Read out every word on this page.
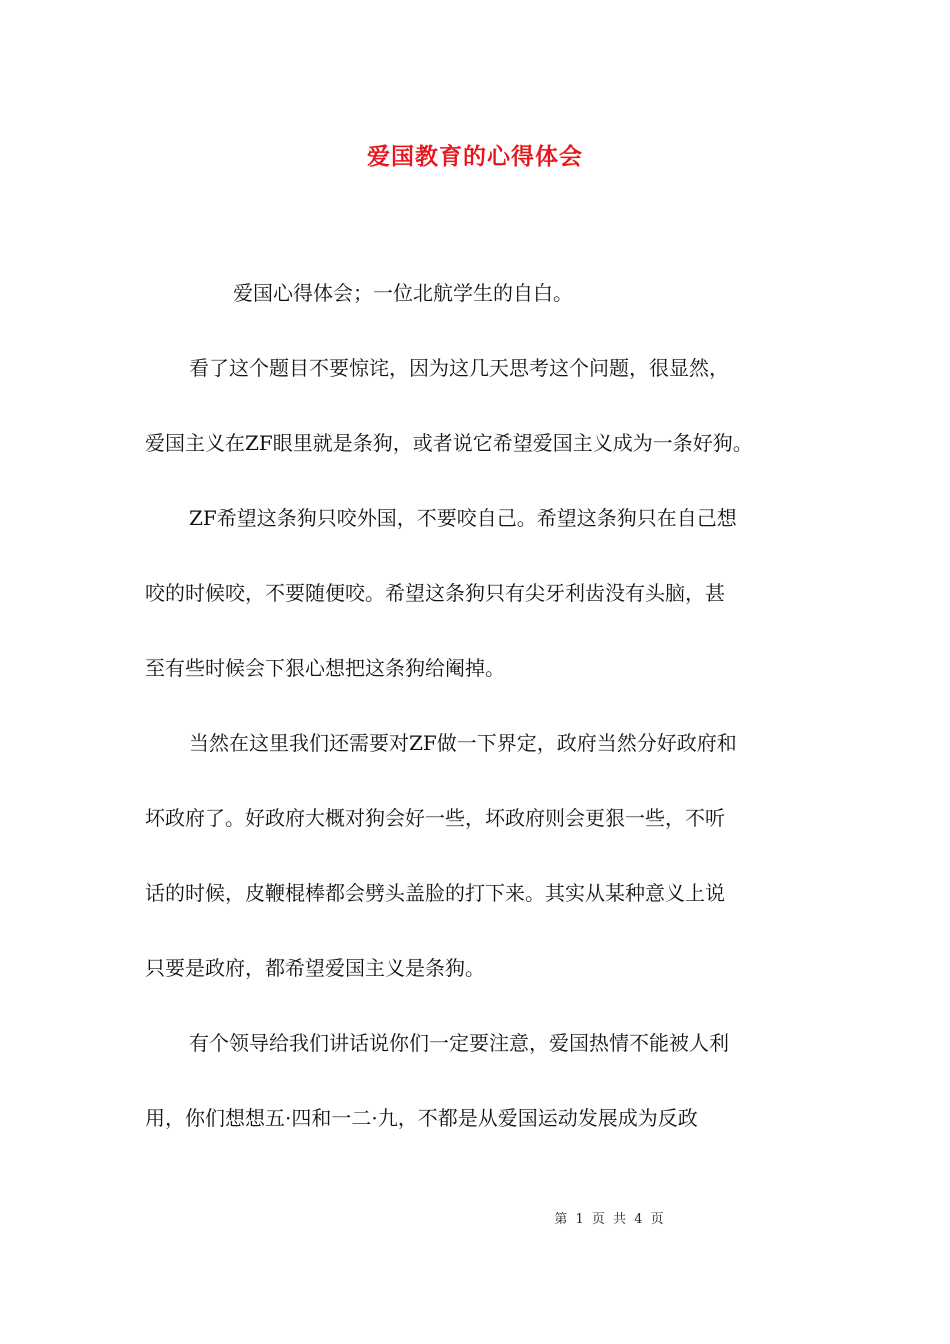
爱国教育的心得体会
爱国心得体会；一位北航学生的自白。
看了这个题目不要惊诧，因为这几天思考这个问题，很显然，
爱国主义在ZF眼里就是条狗，或者说它希望爱国主义成为一条好狗。
ZF希望这条狗只咬外国，不要咬自己。希望这条狗只在自己想
咬的时候咬，不要随便咬。希望这条狗只有尖牙利齿没有头脑，甚
至有些时候会下狠心想把这条狗给阉掉。
当然在这里我们还需要对ZF做一下界定，政府当然分好政府和
坏政府了。好政府大概对狗会好一些，坏政府则会更狠一些，不听
话的时候，皮鞭棍棒都会劈头盖脸的打下来。其实从某种意义上说
只要是政府，都希望爱国主义是条狗。
有个领导给我们讲话说你们一定要注意，爱国热情不能被人利
用，你们想想五·四和一二·九，不都是从爱国运动发展成为反政
第 1 页 共 4 页
